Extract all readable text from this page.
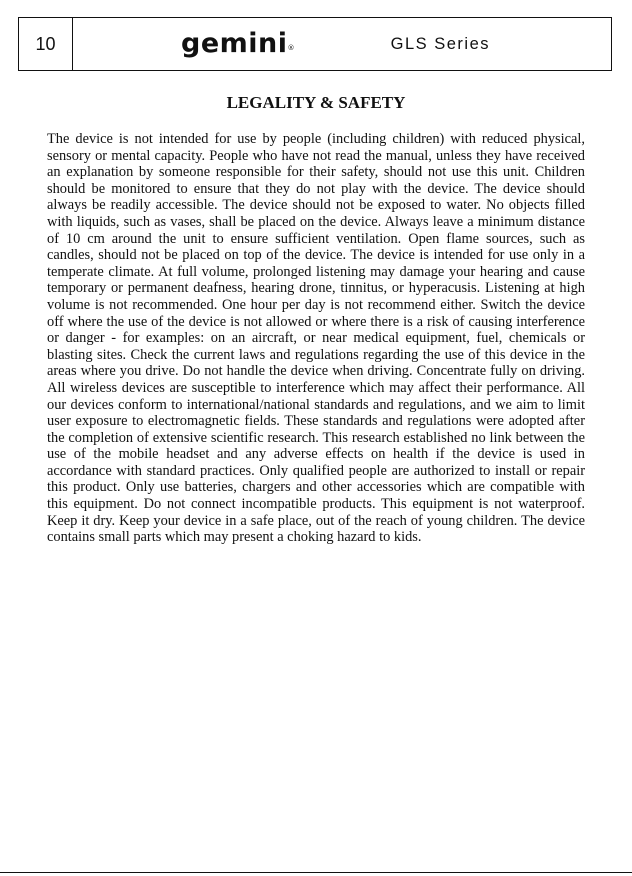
10	gemini®	GLS Series
LEGALITY & SAFETY

The device is not intended for use by people (including children) with reduced physical, sensory or mental capacity. People who have not read the manual, unless they have received an explanation by someone responsible for their safety, should not use this unit. Children should be monitored to ensure that they do not play with the device. The device should always be readily accessible. The device should not be exposed to water. No objects filled with liquids, such as vases, shall be placed on the device. Always leave a minimum distance of 10 cm around the unit to ensure sufficient ventilation. Open flame sources, such as candles, should not be placed on top of the device. The device is intended for use only in a temperate climate. At full volume, prolonged listening may damage your hearing and cause temporary or permanent deafness, hearing drone, tinnitus, or hyperacusis. Listening at high volume is not recommended. One hour per day is not recommend either. Switch the device off where the use of the device is not allowed or where there is a risk of causing interference or danger - for examples: on an aircraft, or near medical equipment, fuel, chemicals or blasting sites. Check the current laws and regulations regarding the use of this device in the areas where you drive. Do not handle the device when driving. Concentrate fully on driving. All wireless devices are susceptible to interference which may affect their performance. All our devices conform to international/national standards and regulations, and we aim to limit user exposure to electromagnetic fields. These standards and regulations were adopted after the completion of extensive scientific research. This research established no link between the use of the mobile headset and any adverse effects on health if the device is used in accordance with standard practices. Only qualified people are authorized to install or repair this product. Only use batteries, chargers and other accessories which are compatible with this equipment. Do not connect incompatible products. This equipment is not waterproof. Keep it dry. Keep your device in a safe place, out of the reach of young children. The device contains small parts which may present a choking hazard to kids.
